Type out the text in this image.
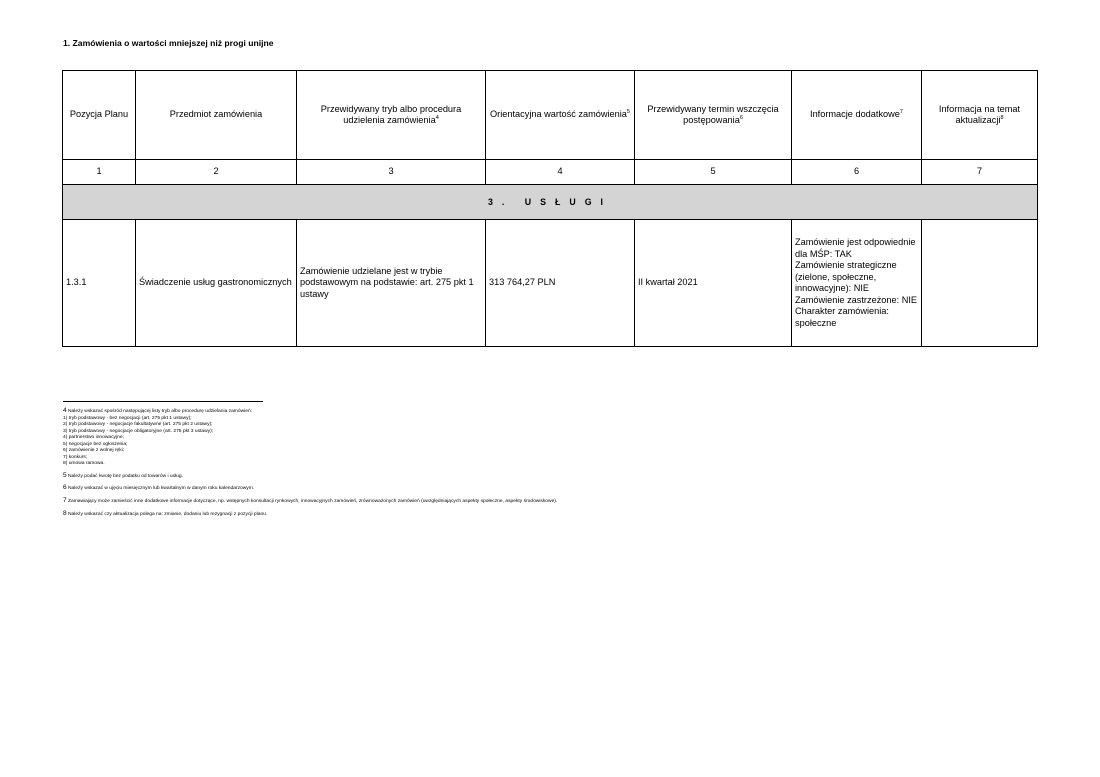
1. Zamówienia o wartości mniejszej niż progi unijne
Pozycja Planu	Przedmiot zamówienia	Przewidywany tryb albo procedura udzielenia zamówienia$^4$	Orientacyjna wartość zamówienia$^5$	Przewidywany termin wszczęcia postępowania$^6$	Informacje dodatkowe$^7$	Informacja na temat aktualizacji$^8$
1	2	3	4	5	6	7
3. USŁUGI						
1.3.1	Świadczenie usług gastronomicznych	Zamówienie udzielane jest w trybie podstawowym na podstawie: art. 275 pkt 1 ustawy	313 764,27 PLN	II kwartał 2021	Zamówienie jest odpowiednie dla MŚP: TAK
Zamówienie strategiczne (zielone, społeczne, innowacyjne): NIE
Zamówienie zastrzeżone: NIE
Charakter zamówienia: społeczne	

4 Należy wskazać spośród następującej listy tryb albo procedurę udzielania zamówień:
1) tryb podstawowy - bez negocjacji (art. 275 pkt 1 ustawy);
2) tryb podstawowy - negocjacje fakultatywne (art. 275 pkt 2 ustawy);
3) tryb podstawowy - negocjacje obligatoryjne (art. 275 pkt 3 ustawy);
4) partnerstwo innowacyjne;
5) negocjacje bez ogłoszenia;
6) zamówienie z wolnej ręki;
7) konkurs;
8) umowa ramowa.
5 Należy podać kwotę bez podatku od towarów i usług.
6 Należy wskazać w ujęciu miesięcznym lub kwartalnym w danym roku kalendarzowym.
7 Zamawiający może zamieścić inne dodatkowe informacje dotyczące, np. wstępnych konsultacji rynkowych, innowacyjnych zamówień, zrównoważonych zamówień (uwzględniających aspekty społeczne, aspekty środowiskowe).
8 Należy wskazać czy aktualizacja polega na: zmianie, dodaniu lub rezygnacji z pozycji planu.
